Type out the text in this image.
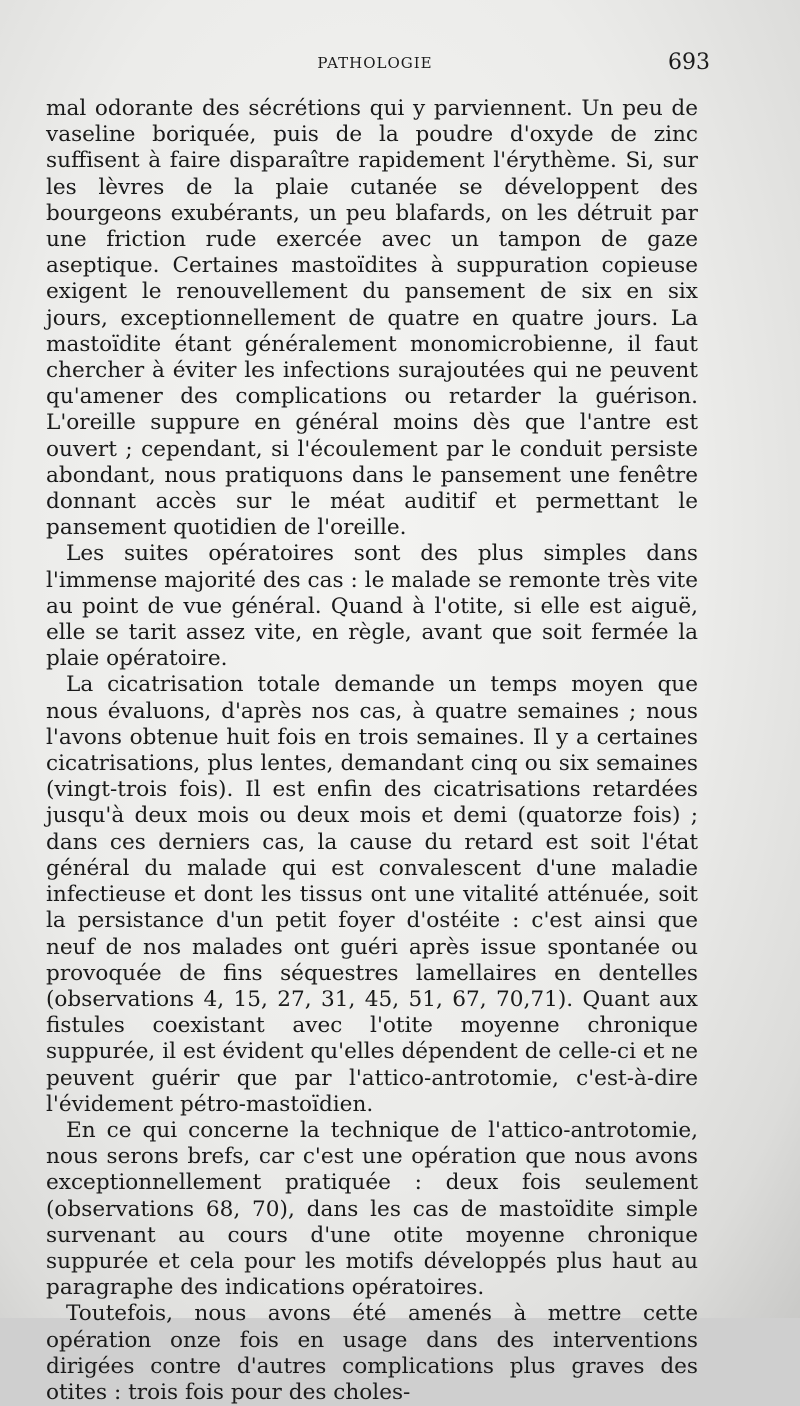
PATHOLOGIE	693

mal odorante des sécrétions qui y parviennent. Un peu de vaseline boriquée, puis de la poudre d'oxyde de zinc suffisent à faire disparaître rapidement l'érythème. Si, sur les lèvres de la plaie cutanée se développent des bourgeons exubérants, un peu blafards, on les détruit par une friction rude exercée avec un tampon de gaze aseptique. Certaines mastoïdites à suppuration copieuse exigent le renouvellement du pansement de six en six jours, exceptionnellement de quatre en quatre jours. La mastoïdite étant généralement monomicrobienne, il faut chercher à éviter les infections surajoutées qui ne peuvent qu'amener des complications ou retarder la guérison. L'oreille suppure en général moins dès que l'antre est ouvert ; cependant, si l'écoulement par le conduit persiste abondant, nous pratiquons dans le pansement une fenêtre donnant accès sur le méat auditif et permettant le pansement quotidien de l'oreille.

Les suites opératoires sont des plus simples dans l'immense majorité des cas : le malade se remonte très vite au point de vue général. Quand à l'otite, si elle est aiguë, elle se tarit assez vite, en règle, avant que soit fermée la plaie opératoire.

La cicatrisation totale demande un temps moyen que nous évaluons, d'après nos cas, à quatre semaines ; nous l'avons obtenue huit fois en trois semaines. Il y a certaines cicatrisations, plus lentes, demandant cinq ou six semaines (vingt-trois fois). Il est enfin des cicatrisations retardées jusqu'à deux mois ou deux mois et demi (quatorze fois) ; dans ces derniers cas, la cause du retard est soit l'état général du malade qui est convalescent d'une maladie infectieuse et dont les tissus ont une vitalité atténuée, soit la persistance d'un petit foyer d'ostéite : c'est ainsi que neuf de nos malades ont guéri après issue spontanée ou provoquée de fins séquestres lamellaires en dentelles (observations 4, 15, 27, 31, 45, 51, 67, 70,71). Quant aux fistules coexistant avec l'otite moyenne chronique suppurée, il est évident qu'elles dépendent de celle-ci et ne peuvent guérir que par l'attico-antrotomie, c'est-à-dire l'évidement pétro-mastoïdien.

En ce qui concerne la technique de l'attico-antrotomie, nous serons brefs, car c'est une opération que nous avons exceptionnellement pratiquée : deux fois seulement (observations 68, 70), dans les cas de mastoïdite simple survenant au cours d'une otite moyenne chronique suppurée et cela pour les motifs développés plus haut au paragraphe des indications opératoires.

Toutefois, nous avons été amenés à mettre cette opération onze fois en usage dans des interventions dirigées contre d'autres complications plus graves des otites : trois fois pour des choles-
